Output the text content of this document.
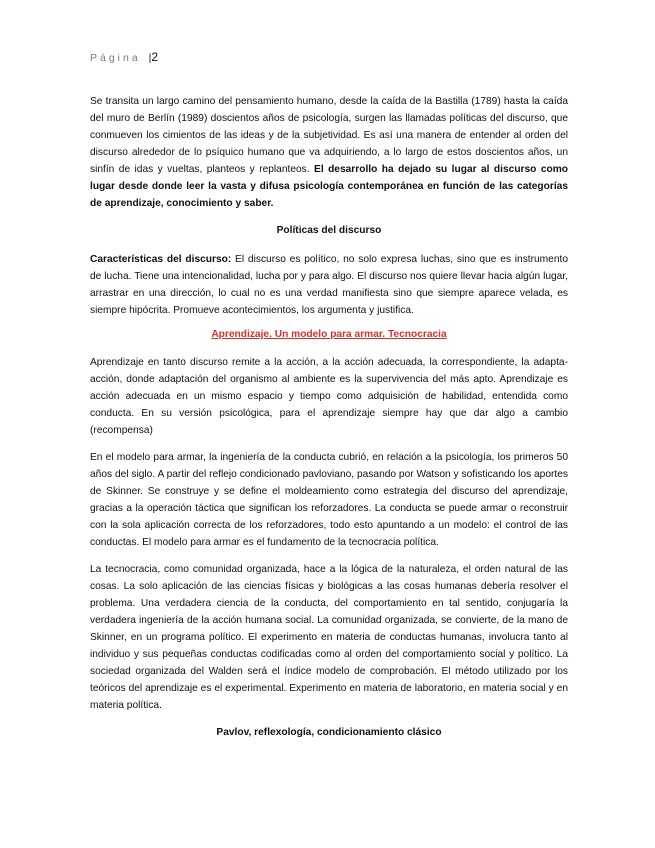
Página |2

Se transita un largo camino del pensamiento humano, desde la caída de la Bastilla (1789) hasta la caída del muro de Berlín (1989) doscientos años de psicología, surgen las llamadas políticas del discurso, que conmueven los cimientos de las ideas y de la subjetividad. Es así una manera de entender al orden del discurso alrededor de lo psíquico humano que va adquiriendo, a lo largo de estos doscientos años, un sinfín de idas y vueltas, planteos y replanteos. El desarrollo ha dejado su lugar al discurso como lugar desde donde leer la vasta y difusa psicología contemporánea en función de las categorías de aprendizaje, conocimiento y saber.

Políticas del discurso

Características del discurso: El discurso es político, no solo expresa luchas, sino que es instrumento de lucha. Tiene una intencionalidad, lucha por y para algo. El discurso nos quiere llevar hacia algún lugar, arrastrar en una dirección, lo cual no es una verdad manifiesta sino que siempre aparece velada, es siempre hipócrita. Promueve acontecimientos, los argumenta y justifica.

Aprendizaje. Un modelo para armar. Tecnocracia

Aprendizaje en tanto discurso remite a la acción, a la acción adecuada, la correspondiente, la adapta-acción, donde adaptación del organismo al ambiente es la supervivencia del más apto. Aprendizaje es acción adecuada en un mismo espacio y tiempo como adquisición de habilidad, entendida como conducta. En su versión psicológica, para el aprendizaje siempre hay que dar algo a cambio (recompensa)

En el modelo para armar, la ingeniería de la conducta cubrió, en relación a la psicología, los primeros 50 años del siglo. A partir del reflejo condicionado pavloviano, pasando por Watson y sofisticando los aportes de Skinner. Se construye y se define el moldeamiento como estrategia del discurso del aprendizaje, gracias a la operación táctica que significan los reforzadores. La conducta se puede armar o reconstruir con la sola aplicación correcta de los reforzadores, todo esto apuntando a un modelo: el control de las conductas. El modelo para armar es el fundamento de la tecnocracia política.

La tecnocracia, como comunidad organizada, hace a la lógica de la naturaleza, el orden natural de las cosas. La solo aplicación de las ciencias físicas y biológicas a las cosas humanas debería resolver el problema. Una verdadera ciencia de la conducta, del comportamiento en tal sentido, conjugaría la verdadera ingeniería de la acción humana social. La comunidad organizada, se convierte, de la mano de Skinner, en un programa político. El experimento en materia de conductas humanas, involucra tanto al individuo y sus pequeñas conductas codificadas como al orden del comportamiento social y político. La sociedad organizada del Walden será el índice modelo de comprobación. El método utilizado por los teóricos del aprendizaje es el experimental. Experimento en materia de laboratorio, en materia social y en materia política.

Pavlov, reflexología, condicionamiento clásico
